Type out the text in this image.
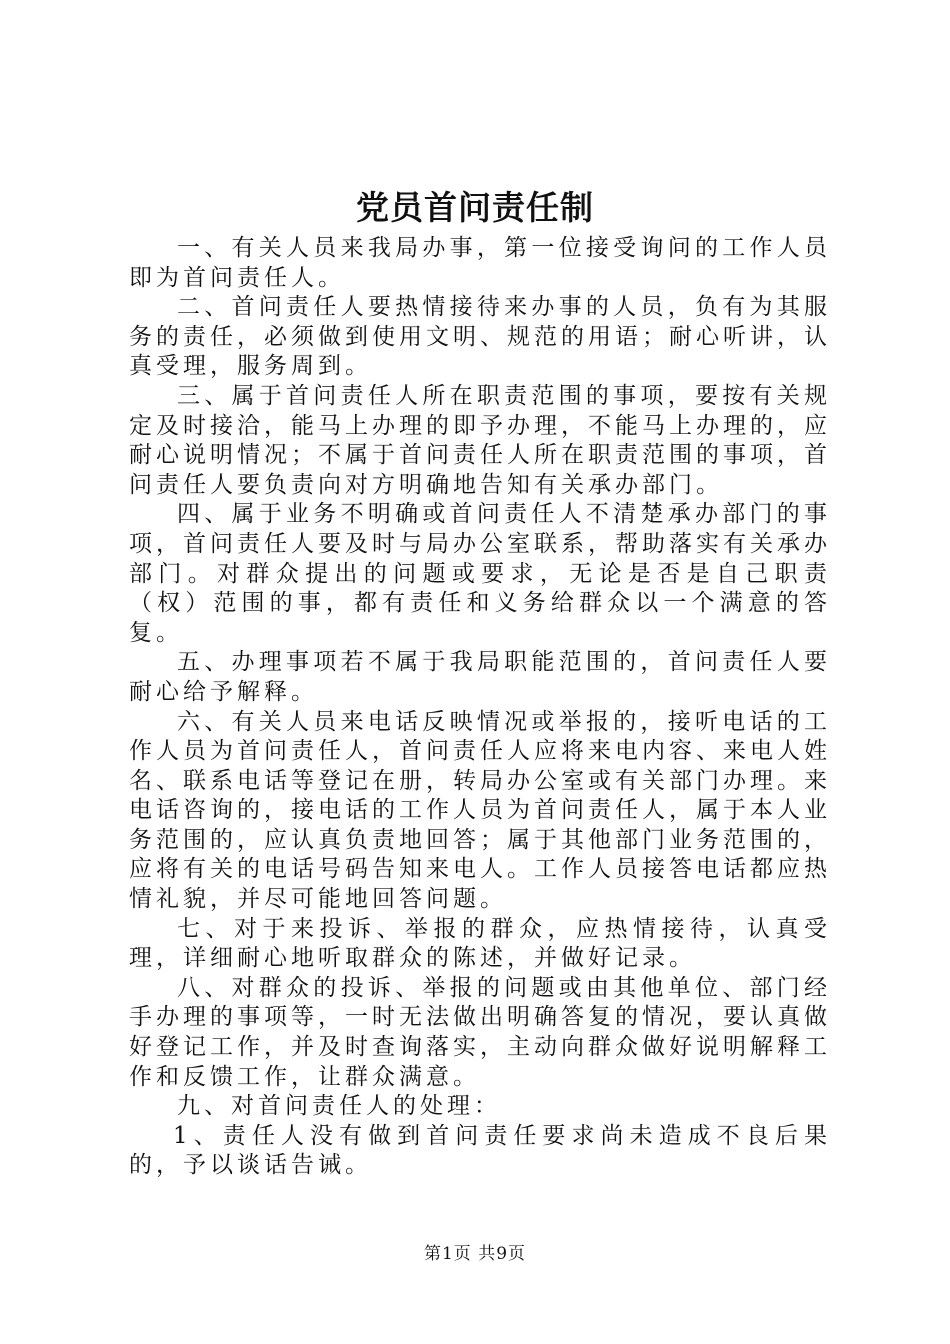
党员首问责任制

一、有关人员来我局办事，第一位接受询问的工作人员即为首问责任人。

二、首问责任人要热情接待来办事的人员，负有为其服务的责任，必须做到使用文明、规范的用语；耐心听讲，认真受理，服务周到。

三、属于首问责任人所在职责范围的事项，要按有关规定及时接洽，能马上办理的即予办理，不能马上办理的，应耐心说明情况；不属于首问责任人所在职责范围的事项，首问责任人要负责向对方明确地告知有关承办部门。

四、属于业务不明确或首问责任人不清楚承办部门的事项，首问责任人要及时与局办公室联系，帮助落实有关承办部门。对群众提出的问题或要求，无论是否是自己职责（权）范围的事，都有责任和义务给群众以一个满意的答复。

五、办理事项若不属于我局职能范围的，首问责任人要耐心给予解释。

六、有关人员来电话反映情况或举报的，接听电话的工作人员为首问责任人，首问责任人应将来电内容、来电人姓名、联系电话等登记在册，转局办公室或有关部门办理。来电话咨询的，接电话的工作人员为首问责任人，属于本人业务范围的，应认真负责地回答；属于其他部门业务范围的，应将有关的电话号码告知来电人。工作人员接答电话都应热情礼貌，并尽可能地回答问题。

七、对于来投诉、举报的群众，应热情接待，认真受理，详细耐心地听取群众的陈述，并做好记录。

八、对群众的投诉、举报的问题或由其他单位、部门经手办理的事项等，一时无法做出明确答复的情况，要认真做好登记工作，并及时查询落实，主动向群众做好说明解释工作和反馈工作，让群众满意。

九、对首问责任人的处理：

1、责任人没有做到首问责任要求尚未造成不良后果的，予以谈话告诫。

第1页 共9页
